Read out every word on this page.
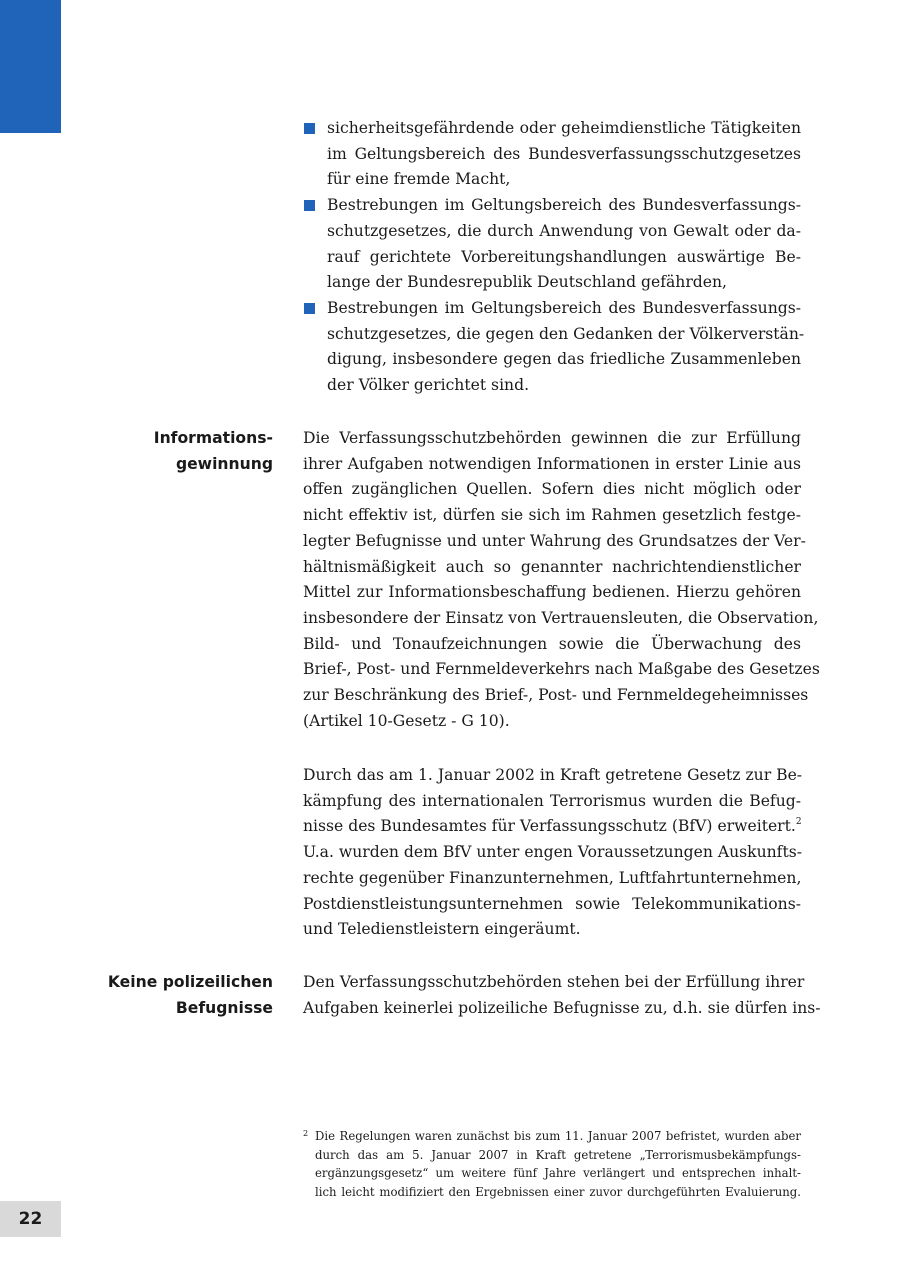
sicherheitsgefährdende oder geheimdienstliche Tätigkeiten
im Geltungsbereich des Bundesverfassungsschutzgesetzes
für eine fremde Macht,
Bestrebungen im Geltungsbereich des Bundesverfassungs-
schutzgesetzes, die durch Anwendung von Gewalt oder da-
rauf gerichtete Vorbereitungshandlungen auswärtige Be-
lange der Bundesrepublik Deutschland gefährden,
Bestrebungen im Geltungsbereich des Bundesverfassungs-
schutzgesetzes, die gegen den Gedanken der Völkerverstän-
digung, insbesondere gegen das friedliche Zusammenleben
der Völker gerichtet sind.
Informations-
gewinnung
Die Verfassungsschutzbehörden gewinnen die zur Erfüllung
ihrer Aufgaben notwendigen Informationen in erster Linie aus
offen zugänglichen Quellen. Sofern dies nicht möglich oder
nicht effektiv ist, dürfen sie sich im Rahmen gesetzlich festge-
legter Befugnisse und unter Wahrung des Grundsatzes der Ver-
hältnismäßigkeit auch so genannter nachrichtendienstlicher
Mittel zur Informationsbeschaffung bedienen. Hierzu gehören
insbesondere der Einsatz von Vertrauensleuten, die Observation,
Bild- und Tonaufzeichnungen sowie die Überwachung des
Brief-, Post- und Fernmeldeverkehrs nach Maßgabe des Gesetzes
zur Beschränkung des Brief-, Post- und Fernmeldegeheimnisses
(Artikel 10-Gesetz - G 10).
Durch das am 1. Januar 2002 in Kraft getretene Gesetz zur Be-
kämpfung des internationalen Terrorismus wurden die Befug-
nisse des Bundesamtes für Verfassungsschutz (BfV) erweitert.$^2$
U.a. wurden dem BfV unter engen Voraussetzungen Auskunfts-
rechte gegenüber Finanzunternehmen, Luftfahrtunternehmen,
Postdienstleistungsunternehmen sowie Telekommunikations-
und Teledienstleistern eingeräumt.
Keine polizeilichen
Befugnisse
Den Verfassungsschutzbehörden stehen bei der Erfüllung ihrer
Aufgaben keinerlei polizeiliche Befugnisse zu, d.h. sie dürfen ins-
2 Die Regelungen waren zunächst bis zum 11. Januar 2007 befristet, wurden aber
durch das am 5. Januar 2007 in Kraft getretene „Terrorismusbekämpfungs-
ergänzungsgesetz“ um weitere fünf Jahre verlängert und entsprechen inhalt-
lich leicht modifiziert den Ergebnissen einer zuvor durchgeführten Evaluierung.
22
